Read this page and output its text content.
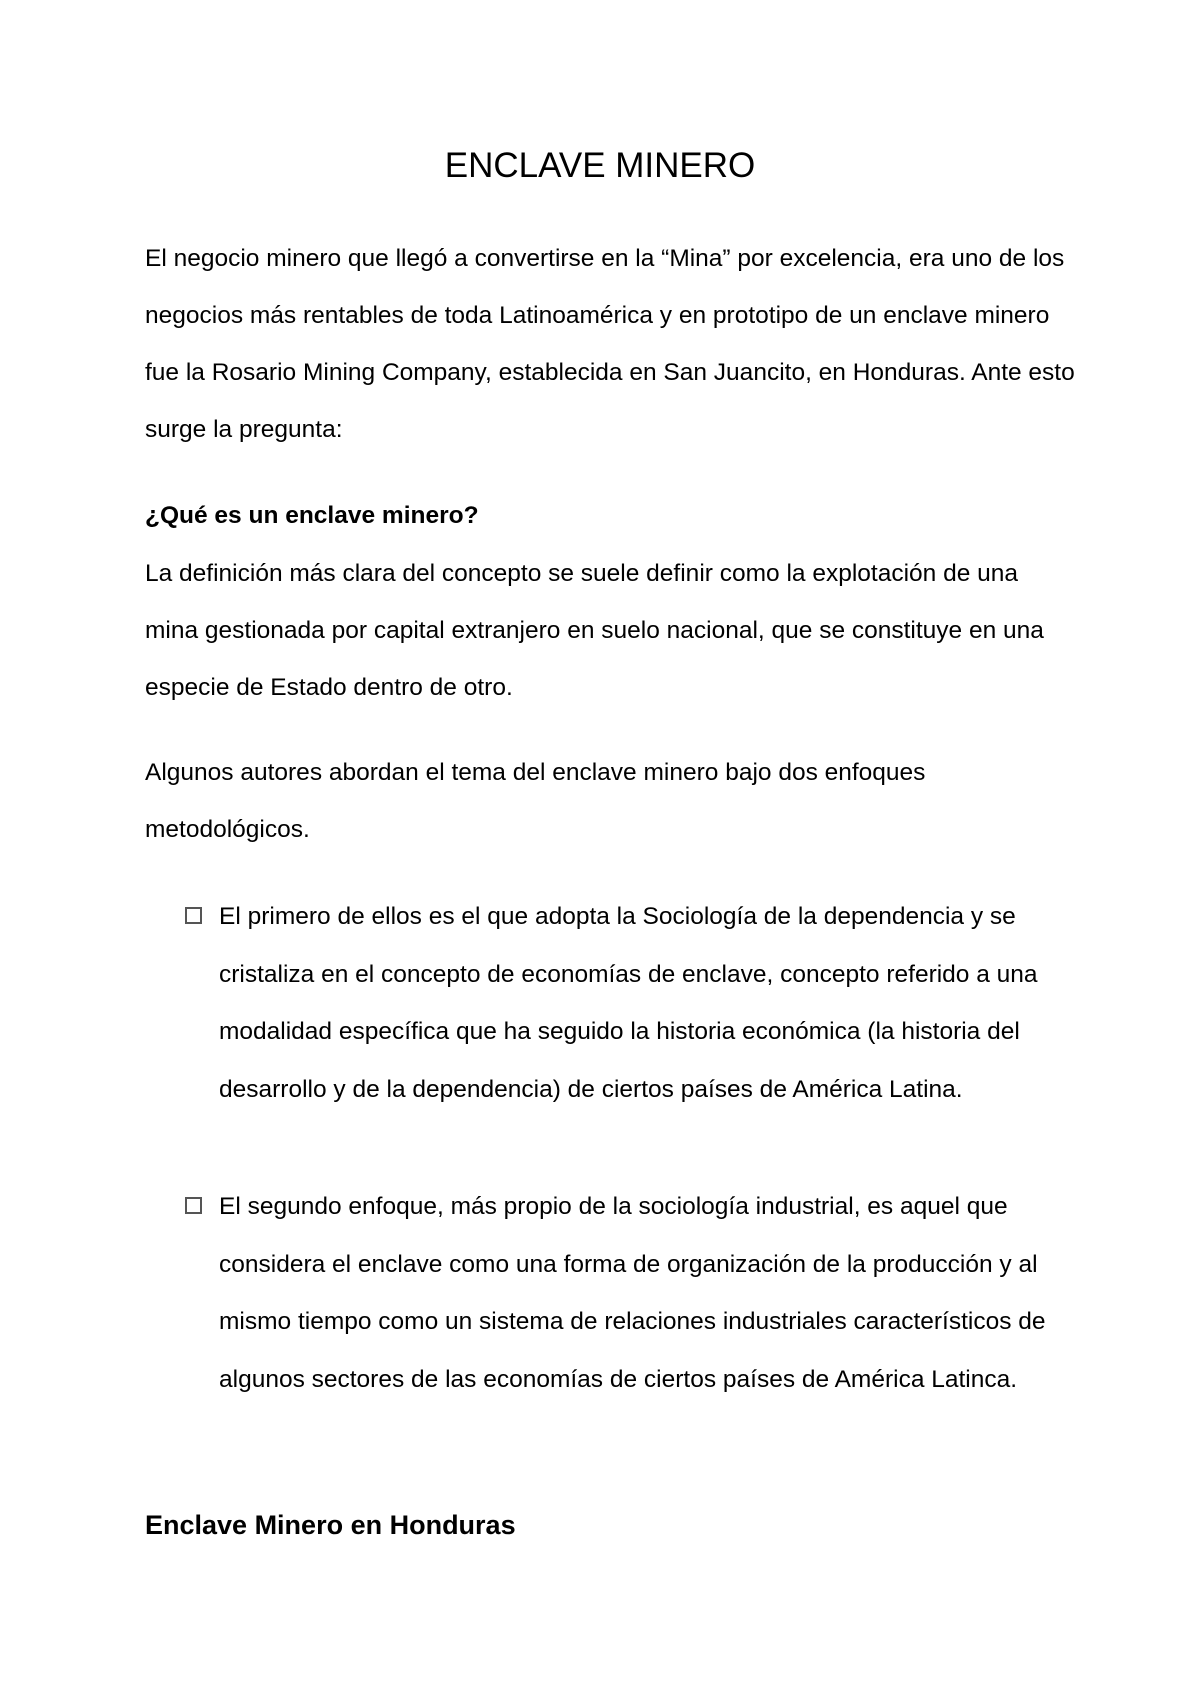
ENCLAVE MINERO

El negocio minero que llegó a convertirse en la “Mina” por excelencia, era uno de los negocios más rentables de toda Latinoamérica y en prototipo de un enclave minero fue la Rosario Mining Company, establecida en San Juancito, en Honduras. Ante esto surge la pregunta:

¿Qué es un enclave minero?

La definición más clara del concepto se suele definir como la explotación de una mina gestionada por capital extranjero en suelo nacional, que se constituye en una especie de Estado dentro de otro.

Algunos autores abordan el tema del enclave minero bajo dos enfoques metodológicos.

El primero de ellos es el que adopta la Sociología de la dependencia y se cristaliza en el concepto de economías de enclave, concepto referido a una modalidad específica que ha seguido la historia económica (la historia del desarrollo y de la dependencia) de ciertos países de América Latina.

El segundo enfoque, más propio de la sociología industrial, es aquel que considera el enclave como una forma de organización de la producción y al mismo tiempo como un sistema de relaciones industriales característicos de algunos sectores de las economías de ciertos países de América Latinca.

Enclave Minero en Honduras
